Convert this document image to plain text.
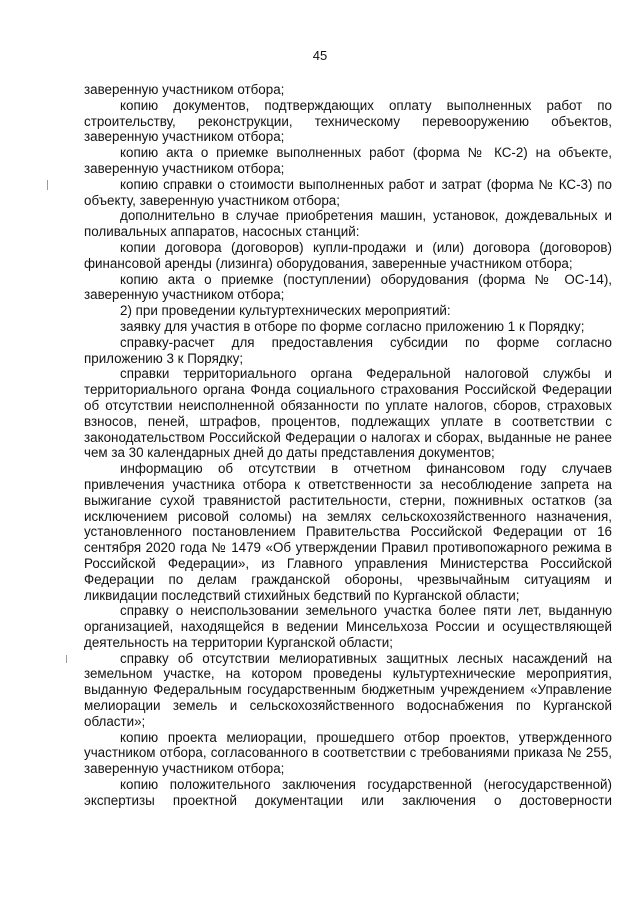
45

заверенную участником отбора;

копию документов, подтверждающих оплату выполненных работ по строительству, реконструкции, техническому перевооружению объектов, заверенную участником отбора;

копию акта о приемке выполненных работ (форма № КС-2) на объекте, заверенную участником отбора;

копию справки о стоимости выполненных работ и затрат (форма № КС-3) по объекту, заверенную участником отбора;

дополнительно в случае приобретения машин, установок, дождевальных и поливальных аппаратов, насосных станций:

копии договора (договоров) купли-продажи и (или) договора (договоров) финансовой аренды (лизинга) оборудования, заверенные участником отбора;

копию акта о приемке (поступлении) оборудования (форма № ОС-14), заверенную участником отбора;

2) при проведении культуртехнических мероприятий:

заявку для участия в отборе по форме согласно приложению 1 к Порядку;

справку-расчет для предоставления субсидии по форме согласно приложению 3 к Порядку;

справки территориального органа Федеральной налоговой службы и территориального органа Фонда социального страхования Российской Федерации об отсутствии неисполненной обязанности по уплате налогов, сборов, страховых взносов, пеней, штрафов, процентов, подлежащих уплате в соответствии с законодательством Российской Федерации о налогах и сборах, выданные не ранее чем за 30 календарных дней до даты представления документов;

информацию об отсутствии в отчетном финансовом году случаев привлечения участника отбора к ответственности за несоблюдение запрета на выжигание сухой травянистой растительности, стерни, пожнивных остатков (за исключением рисовой соломы) на землях сельскохозяйственного назначения, установленного постановлением Правительства Российской Федерации от 16 сентября 2020 года № 1479 «Об утверждении Правил противопожарного режима в Российской Федерации», из Главного управления Министерства Российской Федерации по делам гражданской обороны, чрезвычайным ситуациям и ликвидации последствий стихийных бедствий по Курганской области;

справку о неиспользовании земельного участка более пяти лет, выданную организацией, находящейся в ведении Минсельхоза России и осуществляющей деятельность на территории Курганской области;

справку об отсутствии мелиоративных защитных лесных насаждений на земельном участке, на котором проведены культуртехнические мероприятия, выданную Федеральным государственным бюджетным учреждением «Управление мелиорации земель и сельскохозяйственного водоснабжения по Курганской области»;

копию проекта мелиорации, прошедшего отбор проектов, утвержденного участником отбора, согласованного в соответствии с требованиями приказа № 255, заверенную участником отбора;

копию положительного заключения государственной (негосударственной) экспертизы проектной документации или заключения о достоверности
